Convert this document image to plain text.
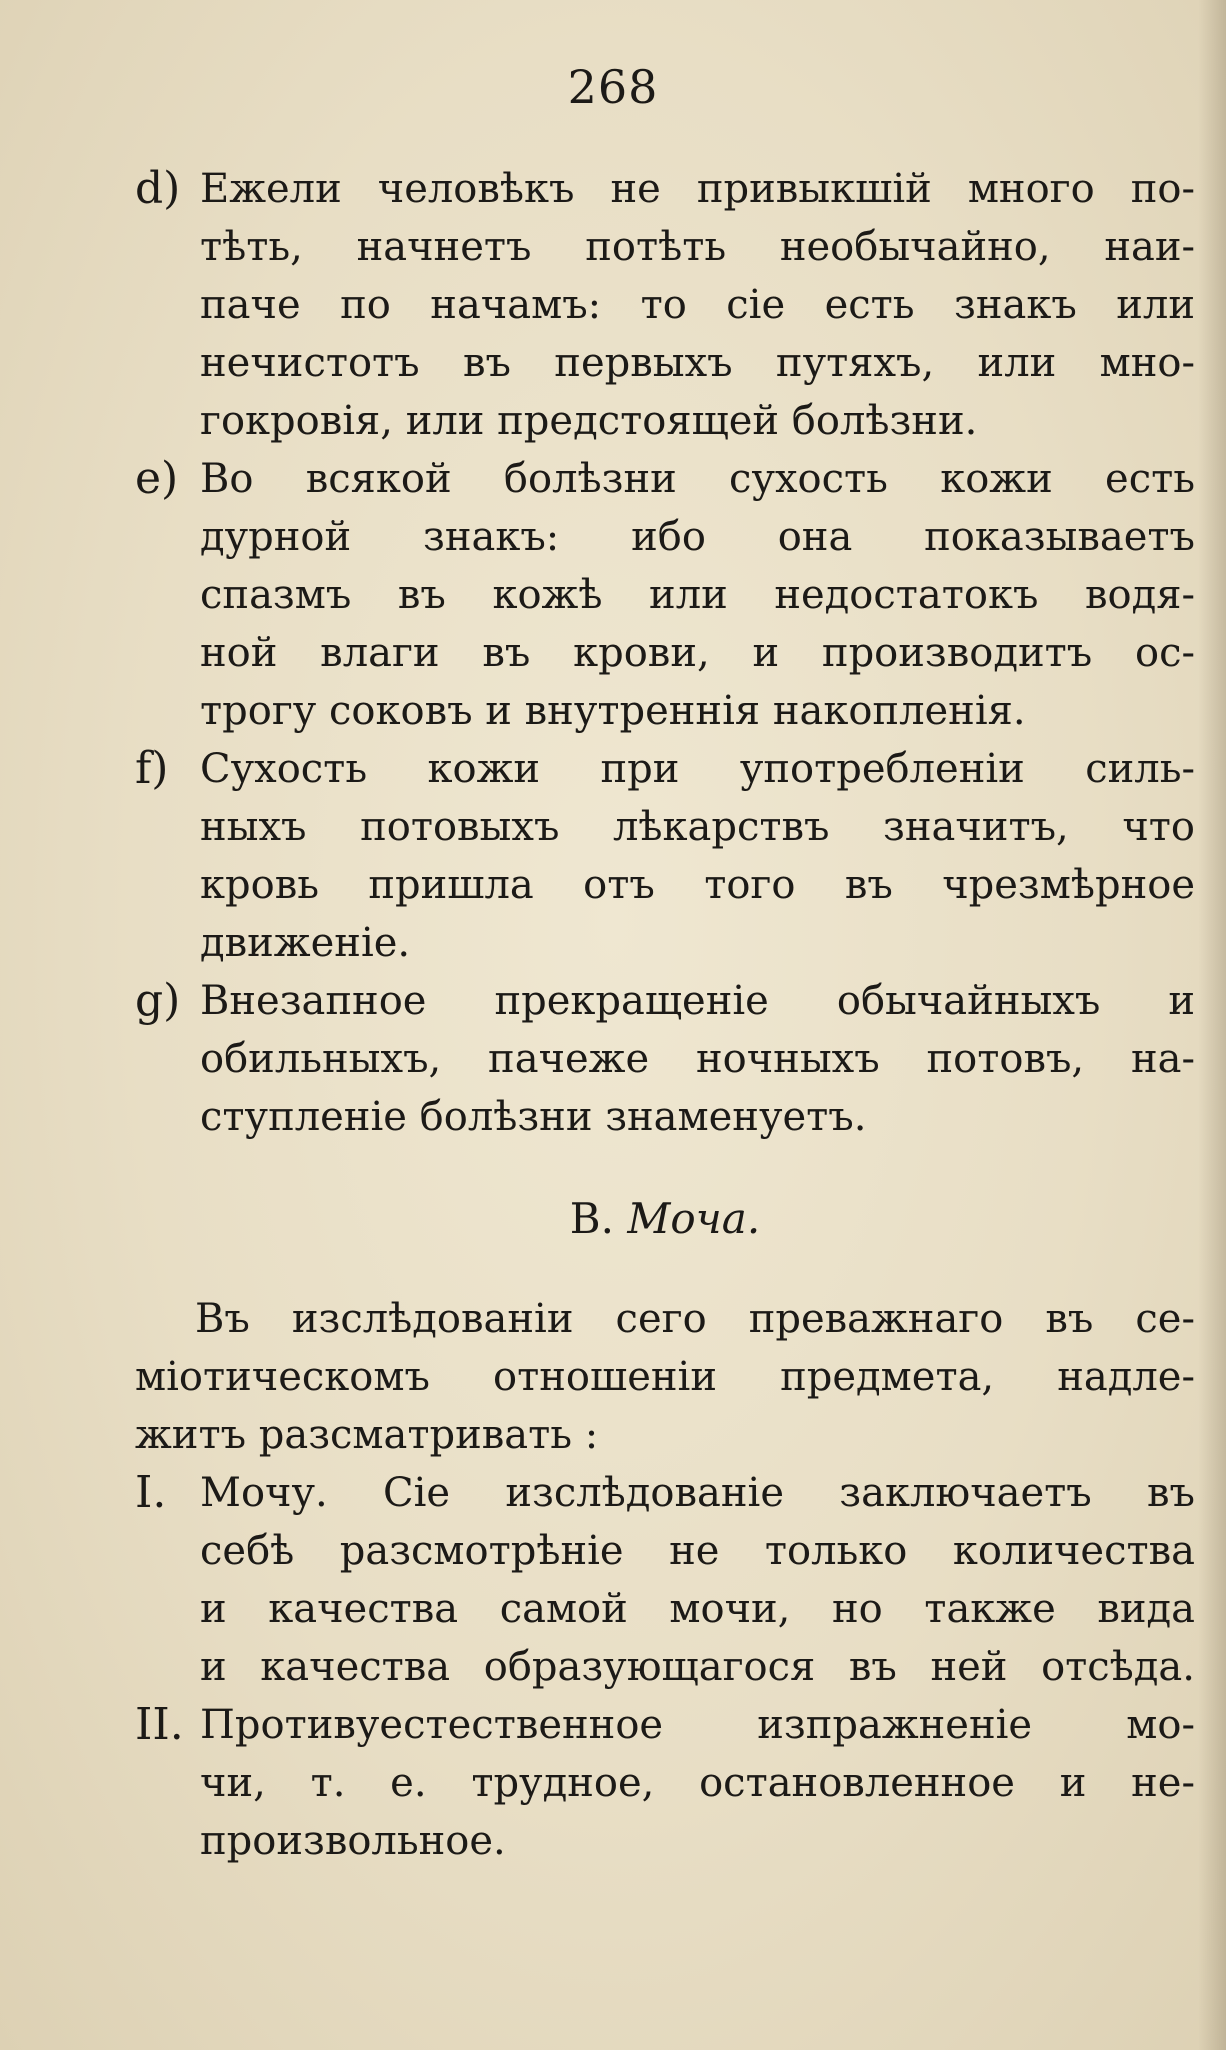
268
d) Ежели человѣкъ не привыкшій много по-
тѣть, начнетъ потѣть необычайно, наи-
паче по начамъ: то сіе есть знакъ или
нечистотъ въ первыхъ путяхъ, или мно-
гокровія, или предстоящей болѣзни.
e) Во всякой болѣзни сухость кожи есть
дурной знакъ: ибо она показываетъ
спазмъ въ кожѣ или недостатокъ водя-
ной влаги въ крови, и производитъ ос-
трогу соковъ и внутреннія накопленія.
f) Сухость кожи при употребленіи силь-
ныхъ потовыхъ лѣкарствъ значитъ, что
кровь пришла отъ того въ чрезмѣрное
движеніе.
g) Внезапное прекращеніе обычайныхъ и
обильныхъ, пачеже ночныхъ потовъ, на-
ступленіе болѣзни знаменуетъ.
B. Моча.
Въ изслѣдованіи сего преважнаго въ се-
міотическомъ отношеніи предмета, надле-
житъ разсматривать :
I. Мочу. Сіе изслѣдованіе заключаетъ въ
себѣ разсмотрѣніе не только количества
и качества самой мочи, но также вида
и качества образующагося въ ней отсѣда.
II. Противуестественное изпражненіе мо-
чи, т. е. трудное, остановленное и не-
произвольное.
